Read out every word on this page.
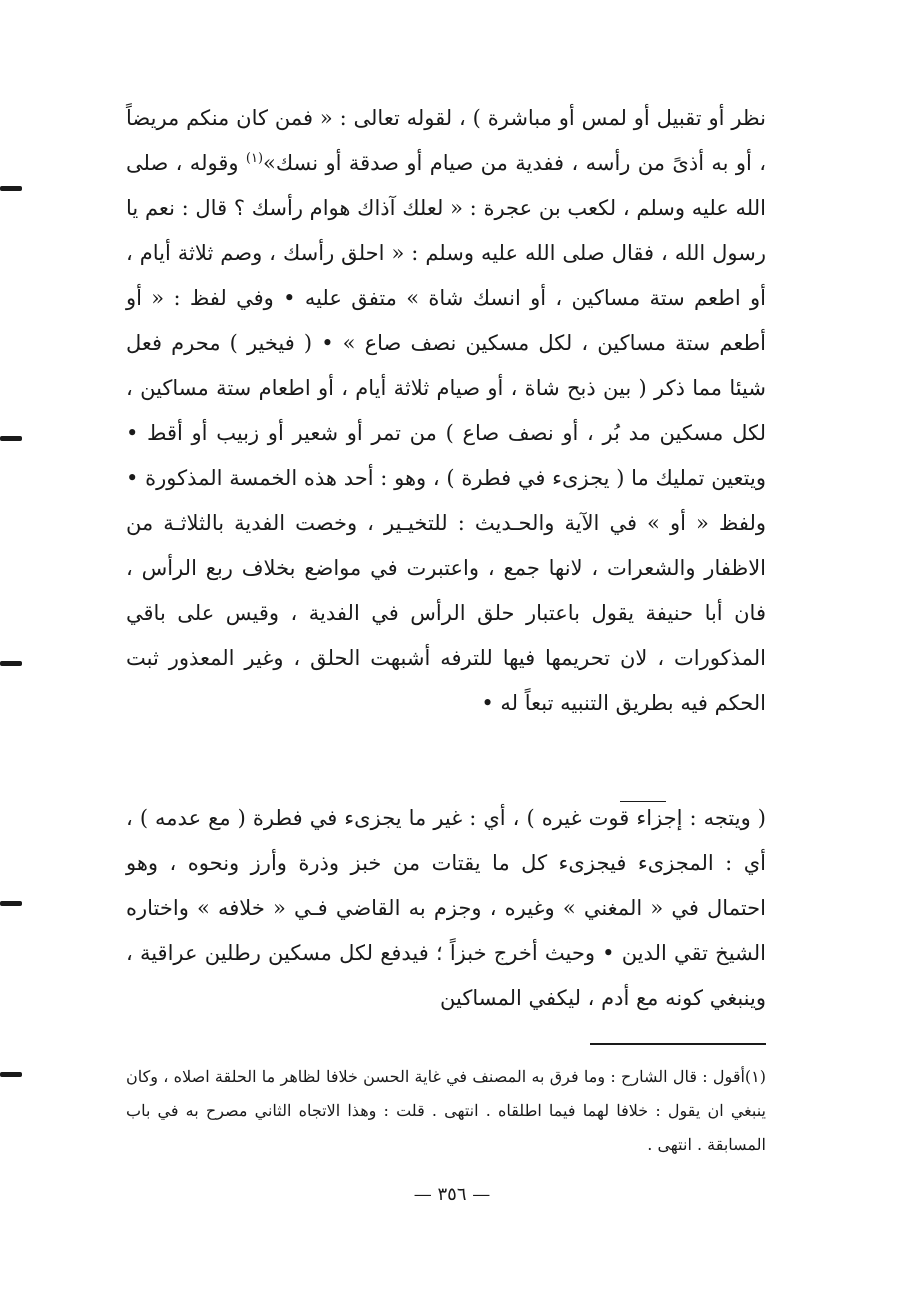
نظر أو تقبيل أو لمس أو مباشرة ) ، لقوله تعالى : « فمن كان منكم مريضاً ، أو به أذىً من رأسه ، ففدية من صيام أو صدقة أو نسك»$^{(١)}$ وقوله ، صلى الله عليه وسلم ، لكعب بن عجرة : « لعلك آذاك هوام رأسك ؟ قال : نعم يا رسول الله ، فقال صلى الله عليه وسلم : « احلق رأسك ، وصم ثلاثة أيام ، أو اطعم ستة مساكين ، أو انسك شاة » متفق عليه • وفي لفظ : « أو أطعم ستة مساكين ، لكل مسكين نصف صاع » • ( فيخير ) محرم فعل شيئا مما ذكر ( بين ذبح شاة ، أو صيام ثلاثة أيام ، أو اطعام ستة مساكين ، لكل مسكين مد بُر ، أو نصف صاع ) من تمر أو شعير أو زبيب أو أقط • ويتعين تمليك ما ( يجزىء في فطرة ) ، وهو : أحد هذه الخمسة المذكورة • ولفظ « أو » في الآية والحـديث : للتخيـير ، وخصت الفدية بالثلاثـة من الاظفار والشعرات ، لانها جمع ، واعتبرت في مواضع بخلاف ربع الرأس ، فان أبا حنيفة يقول باعتبار حلق الرأس في الفدية ، وقيس على باقي المذكورات ، لان تحريمها فيها للترفه أشبهت الحلق ، وغير المعذور ثبت الحكم فيه بطريق التنبيه تبعاً له •

( ويتجه : إجزاء قوت غيره ) ، أي : غير ما يجزىء في فطرة ( مع عدمه ) ، أي : المجزىء فيجزىء كل ما يقتات من خبز وذرة وأرز ونحوه ، وهو احتمال في « المغني » وغيره ، وجزم به القاضي فـي « خلافه » واختاره الشيخ تقي الدين • وحيث أخرج خبزاً ؛ فيدفع لكل مسكين رطلين عراقية ، وينبغي كونه مع أدم ، ليكفي المساكين

(١)أقول : قال الشارح : وما فرق به المصنف في غاية الحسن خلافا لظاهر ما الحلقة اصلاه ، وكان ينبغي ان يقول : خلافا لهما فيما اطلقاه . انتهى . قلت : وهذا الاتجاه الثاني مصرح به في باب المسابقة . انتهى .

— ٣٥٦ —
